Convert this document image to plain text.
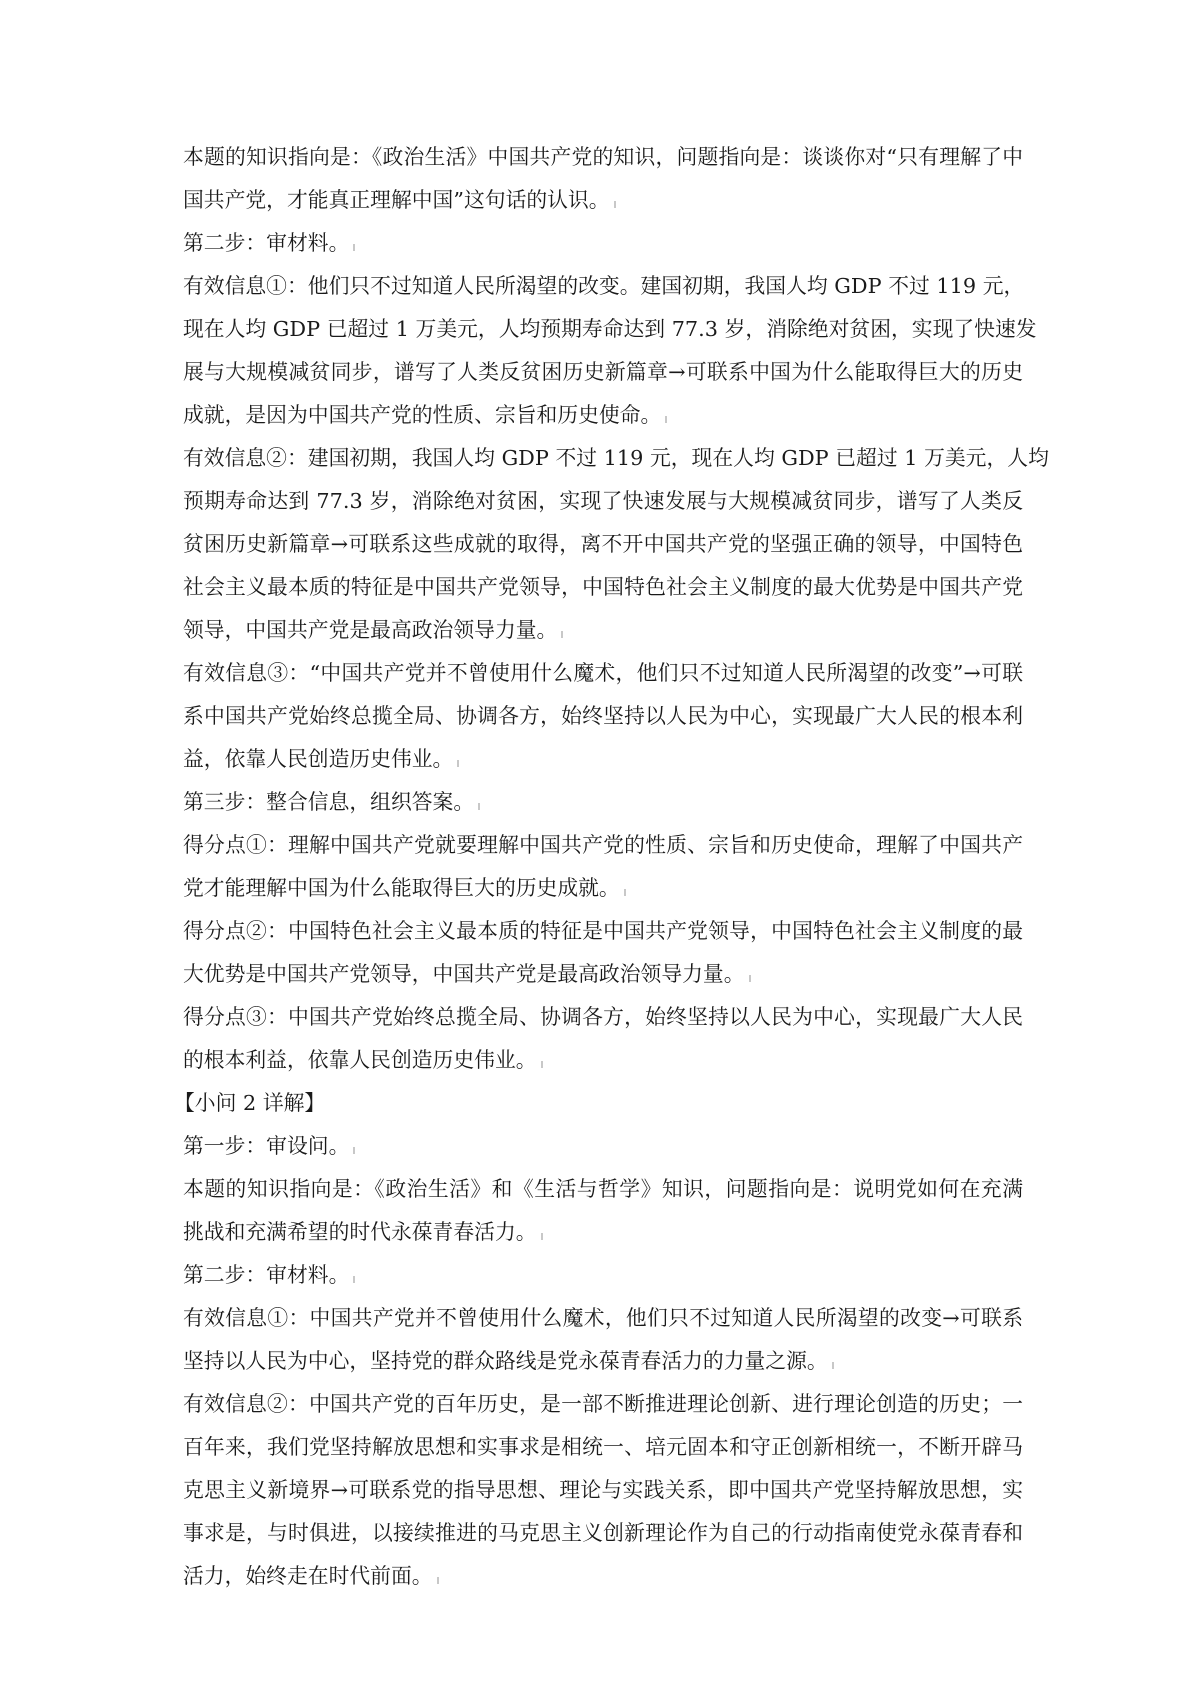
本题的知识指向是：《政治生活》中国共产党的知识，问题指向是：谈谈你对“只有理解了中
国共产党，才能真正理解中国”这句话的认识。
第二步：审材料。
有效信息①：他们只不过知道人民所渴望的改变。建国初期，我国人均 GDP 不过 119 元，
现在人均 GDP 已超过 1 万美元，人均预期寿命达到 77.3 岁，消除绝对贫困，实现了快速发
展与大规模减贫同步，谱写了人类反贫困历史新篇章→可联系中国为什么能取得巨大的历史
成就，是因为中国共产党的性质、宗旨和历史使命。
有效信息②：建国初期，我国人均 GDP 不过 119 元，现在人均 GDP 已超过 1 万美元，人均
预期寿命达到 77.3 岁，消除绝对贫困，实现了快速发展与大规模减贫同步，谱写了人类反
贫困历史新篇章→可联系这些成就的取得，离不开中国共产党的坚强正确的领导，中国特色
社会主义最本质的特征是中国共产党领导，中国特色社会主义制度的最大优势是中国共产党
领导，中国共产党是最高政治领导力量。
有效信息③：“中国共产党并不曾使用什么魔术，他们只不过知道人民所渴望的改变”→可联
系中国共产党始终总揽全局、协调各方，始终坚持以人民为中心，实现最广大人民的根本利
益，依靠人民创造历史伟业。
第三步：整合信息，组织答案。
得分点①：理解中国共产党就要理解中国共产党的性质、宗旨和历史使命，理解了中国共产
党才能理解中国为什么能取得巨大的历史成就。
得分点②：中国特色社会主义最本质的特征是中国共产党领导，中国特色社会主义制度的最
大优势是中国共产党领导，中国共产党是最高政治领导力量。
得分点③：中国共产党始终总揽全局、协调各方，始终坚持以人民为中心，实现最广大人民
的根本利益，依靠人民创造历史伟业。
【小问 2 详解】
第一步：审设问。
本题的知识指向是：《政治生活》和《生活与哲学》知识，问题指向是：说明党如何在充满
挑战和充满希望的时代永葆青春活力。
第二步：审材料。
有效信息①：中国共产党并不曾使用什么魔术，他们只不过知道人民所渴望的改变→可联系
坚持以人民为中心，坚持党的群众路线是党永葆青春活力的力量之源。
有效信息②：中国共产党的百年历史，是一部不断推进理论创新、进行理论创造的历史；一
百年来，我们党坚持解放思想和实事求是相统一、培元固本和守正创新相统一，不断开辟马
克思主义新境界→可联系党的指导思想、理论与实践关系，即中国共产党坚持解放思想，实
事求是，与时俱进，以接续推进的马克思主义创新理论作为自己的行动指南使党永葆青春和
活力，始终走在时代前面。
